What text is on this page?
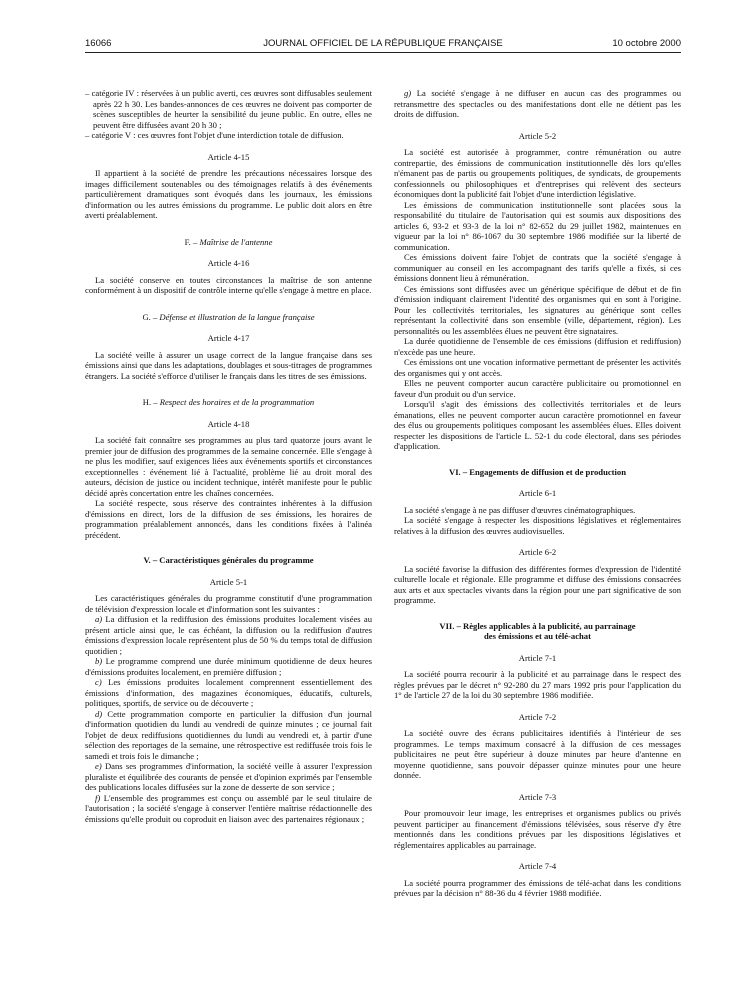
16066	JOURNAL OFFICIEL DE LA RÉPUBLIQUE FRANÇAISE	10 octobre 2000

– catégorie IV : réservées à un public averti, ces œuvres sont diffusables seulement après 22 h 30. Les bandes-annonces de ces œuvres ne doivent pas comporter de scènes susceptibles de heurter la sensibilité du jeune public. En outre, elles ne peuvent être diffusées avant 20 h 30 ;

– catégorie V : ces œuvres font l'objet d'une interdiction totale de diffusion.

Article 4-15

Il appartient à la société de prendre les précautions nécessaires lorsque des images difficilement soutenables ou des témoignages relatifs à des événements particulièrement dramatiques sont évoqués dans les journaux, les émissions d'information ou les autres émissions du programme. Le public doit alors en être averti préalablement.

F. – Maîtrise de l'antenne
Article 4-16

La société conserve en toutes circonstances la maîtrise de son antenne conformément à un dispositif de contrôle interne qu'elle s'engage à mettre en place.

G. – Défense et illustration de la langue française
Article 4-17

La société veille à assurer un usage correct de la langue française dans ses émissions ainsi que dans les adaptations, doublages et sous-titrages de programmes étrangers. La société s'efforce d'utiliser le français dans les titres de ses émissions.

H. – Respect des horaires et de la programmation
Article 4-18

La société fait connaître ses programmes au plus tard quatorze jours avant le premier jour de diffusion des programmes de la semaine concernée. Elle s'engage à ne plus les modifier, sauf exigences liées aux événements sportifs et circonstances exceptionnelles : événement lié à l'actualité, problème lié au droit moral des auteurs, décision de justice ou incident technique, intérêt manifeste pour le public décidé après concertation entre les chaînes concernées.

La société respecte, sous réserve des contraintes inhérentes à la diffusion d'émissions en direct, lors de la diffusion de ses émissions, les horaires de programmation préalablement annoncés, dans les conditions fixées à l'alinéa précédent.

V. – Caractéristiques générales du programme
Article 5-1

Les caractéristiques générales du programme constitutif d'une programmation de télévision d'expression locale et d'information sont les suivantes :

a) La diffusion et la rediffusion des émissions produites localement visées au présent article ainsi que, le cas échéant, la diffusion ou la rediffusion d'autres émissions d'expression locale représentent plus de 50 % du temps total de diffusion quotidien ;

b) Le programme comprend une durée minimum quotidienne de deux heures d'émissions produites localement, en première diffusion ;

c) Les émissions produites localement comprennent essentiellement des émissions d'information, des magazines économiques, éducatifs, culturels, politiques, sportifs, de service ou de découverte ;

d) Cette programmation comporte en particulier la diffusion d'un journal d'information quotidien du lundi au vendredi de quinze minutes ; ce journal fait l'objet de deux rediffusions quotidiennes du lundi au vendredi et, à partir d'une sélection des reportages de la semaine, une rétrospective est rediffusée trois fois le samedi et trois fois le dimanche ;

e) Dans ses programmes d'information, la société veille à assurer l'expression pluraliste et équilibrée des courants de pensée et d'opinion exprimés par l'ensemble des publications locales diffusées sur la zone de desserte de son service ;

f) L'ensemble des programmes est conçu ou assemblé par le seul titulaire de l'autorisation ; la société s'engage à conserver l'entière maîtrise rédactionnelle des émissions qu'elle produit ou coproduit en liaison avec des partenaires régionaux ;

g) La société s'engage à ne diffuser en aucun cas des programmes ou retransmettre des spectacles ou des manifestations dont elle ne détient pas les droits de diffusion.

Article 5-2

La société est autorisée à programmer, contre rémunération ou autre contrepartie, des émissions de communication institutionnelle dès lors qu'elles n'émanent pas de partis ou groupements politiques, de syndicats, de groupements confessionnels ou philosophiques et d'entreprises qui relèvent des secteurs économiques dont la publicité fait l'objet d'une interdiction législative.

Les émissions de communication institutionnelle sont placées sous la responsabilité du titulaire de l'autorisation qui est soumis aux dispositions des articles 6, 93-2 et 93-3 de la loi n° 82-652 du 29 juillet 1982, maintenues en vigueur par la loi n° 86-1067 du 30 septembre 1986 modifiée sur la liberté de communication.

Ces émissions doivent faire l'objet de contrats que la société s'engage à communiquer au conseil en les accompagnant des tarifs qu'elle a fixés, si ces émissions donnent lieu à rémunération.

Ces émissions sont diffusées avec un générique spécifique de début et de fin d'émission indiquant clairement l'identité des organismes qui en sont à l'origine. Pour les collectivités territoriales, les signatures au générique sont celles représentant la collectivité dans son ensemble (ville, département, région). Les personnalités ou les assemblées élues ne peuvent être signataires.

La durée quotidienne de l'ensemble de ces émissions (diffusion et rediffusion) n'excède pas une heure.

Ces émissions ont une vocation informative permettant de présenter les activités des organismes qui y ont accès.

Elles ne peuvent comporter aucun caractère publicitaire ou promotionnel en faveur d'un produit ou d'un service.

Lorsqu'il s'agit des émissions des collectivités territoriales et de leurs émanations, elles ne peuvent comporter aucun caractère promotionnel en faveur des élus ou groupements politiques composant les assemblées élues. Elles doivent respecter les dispositions de l'article L. 52-1 du code électoral, dans ses périodes d'application.

VI. – Engagements de diffusion et de production
Article 6-1

La société s'engage à ne pas diffuser d'œuvres cinématographiques.

La société s'engage à respecter les dispositions législatives et réglementaires relatives à la diffusion des œuvres audiovisuelles.

Article 6-2

La société favorise la diffusion des différentes formes d'expression de l'identité culturelle locale et régionale. Elle programme et diffuse des émissions consacrées aux arts et aux spectacles vivants dans la région pour une part significative de son programme.

VII. – Règles applicables à la publicité, au parrainage
des émissions et au télé-achat
Article 7-1

La société pourra recourir à la publicité et au parrainage dans le respect des règles prévues par le décret n° 92-280 du 27 mars 1992 pris pour l'application du 1° de l'article 27 de la loi du 30 septembre 1986 modifiée.

Article 7-2

La société ouvre des écrans publicitaires identifiés à l'intérieur de ses programmes. Le temps maximum consacré à la diffusion de ces messages publicitaires ne peut être supérieur à douze minutes par heure d'antenne en moyenne quotidienne, sans pouvoir dépasser quinze minutes pour une heure donnée.

Article 7-3

Pour promouvoir leur image, les entreprises et organismes publics ou privés peuvent participer au financement d'émissions télévisées, sous réserve d'y être mentionnés dans les conditions prévues par les dispositions législatives et réglementaires applicables au parrainage.

Article 7-4

La société pourra programmer des émissions de télé-achat dans les conditions prévues par la décision n° 88-36 du 4 février 1988 modifiée.
